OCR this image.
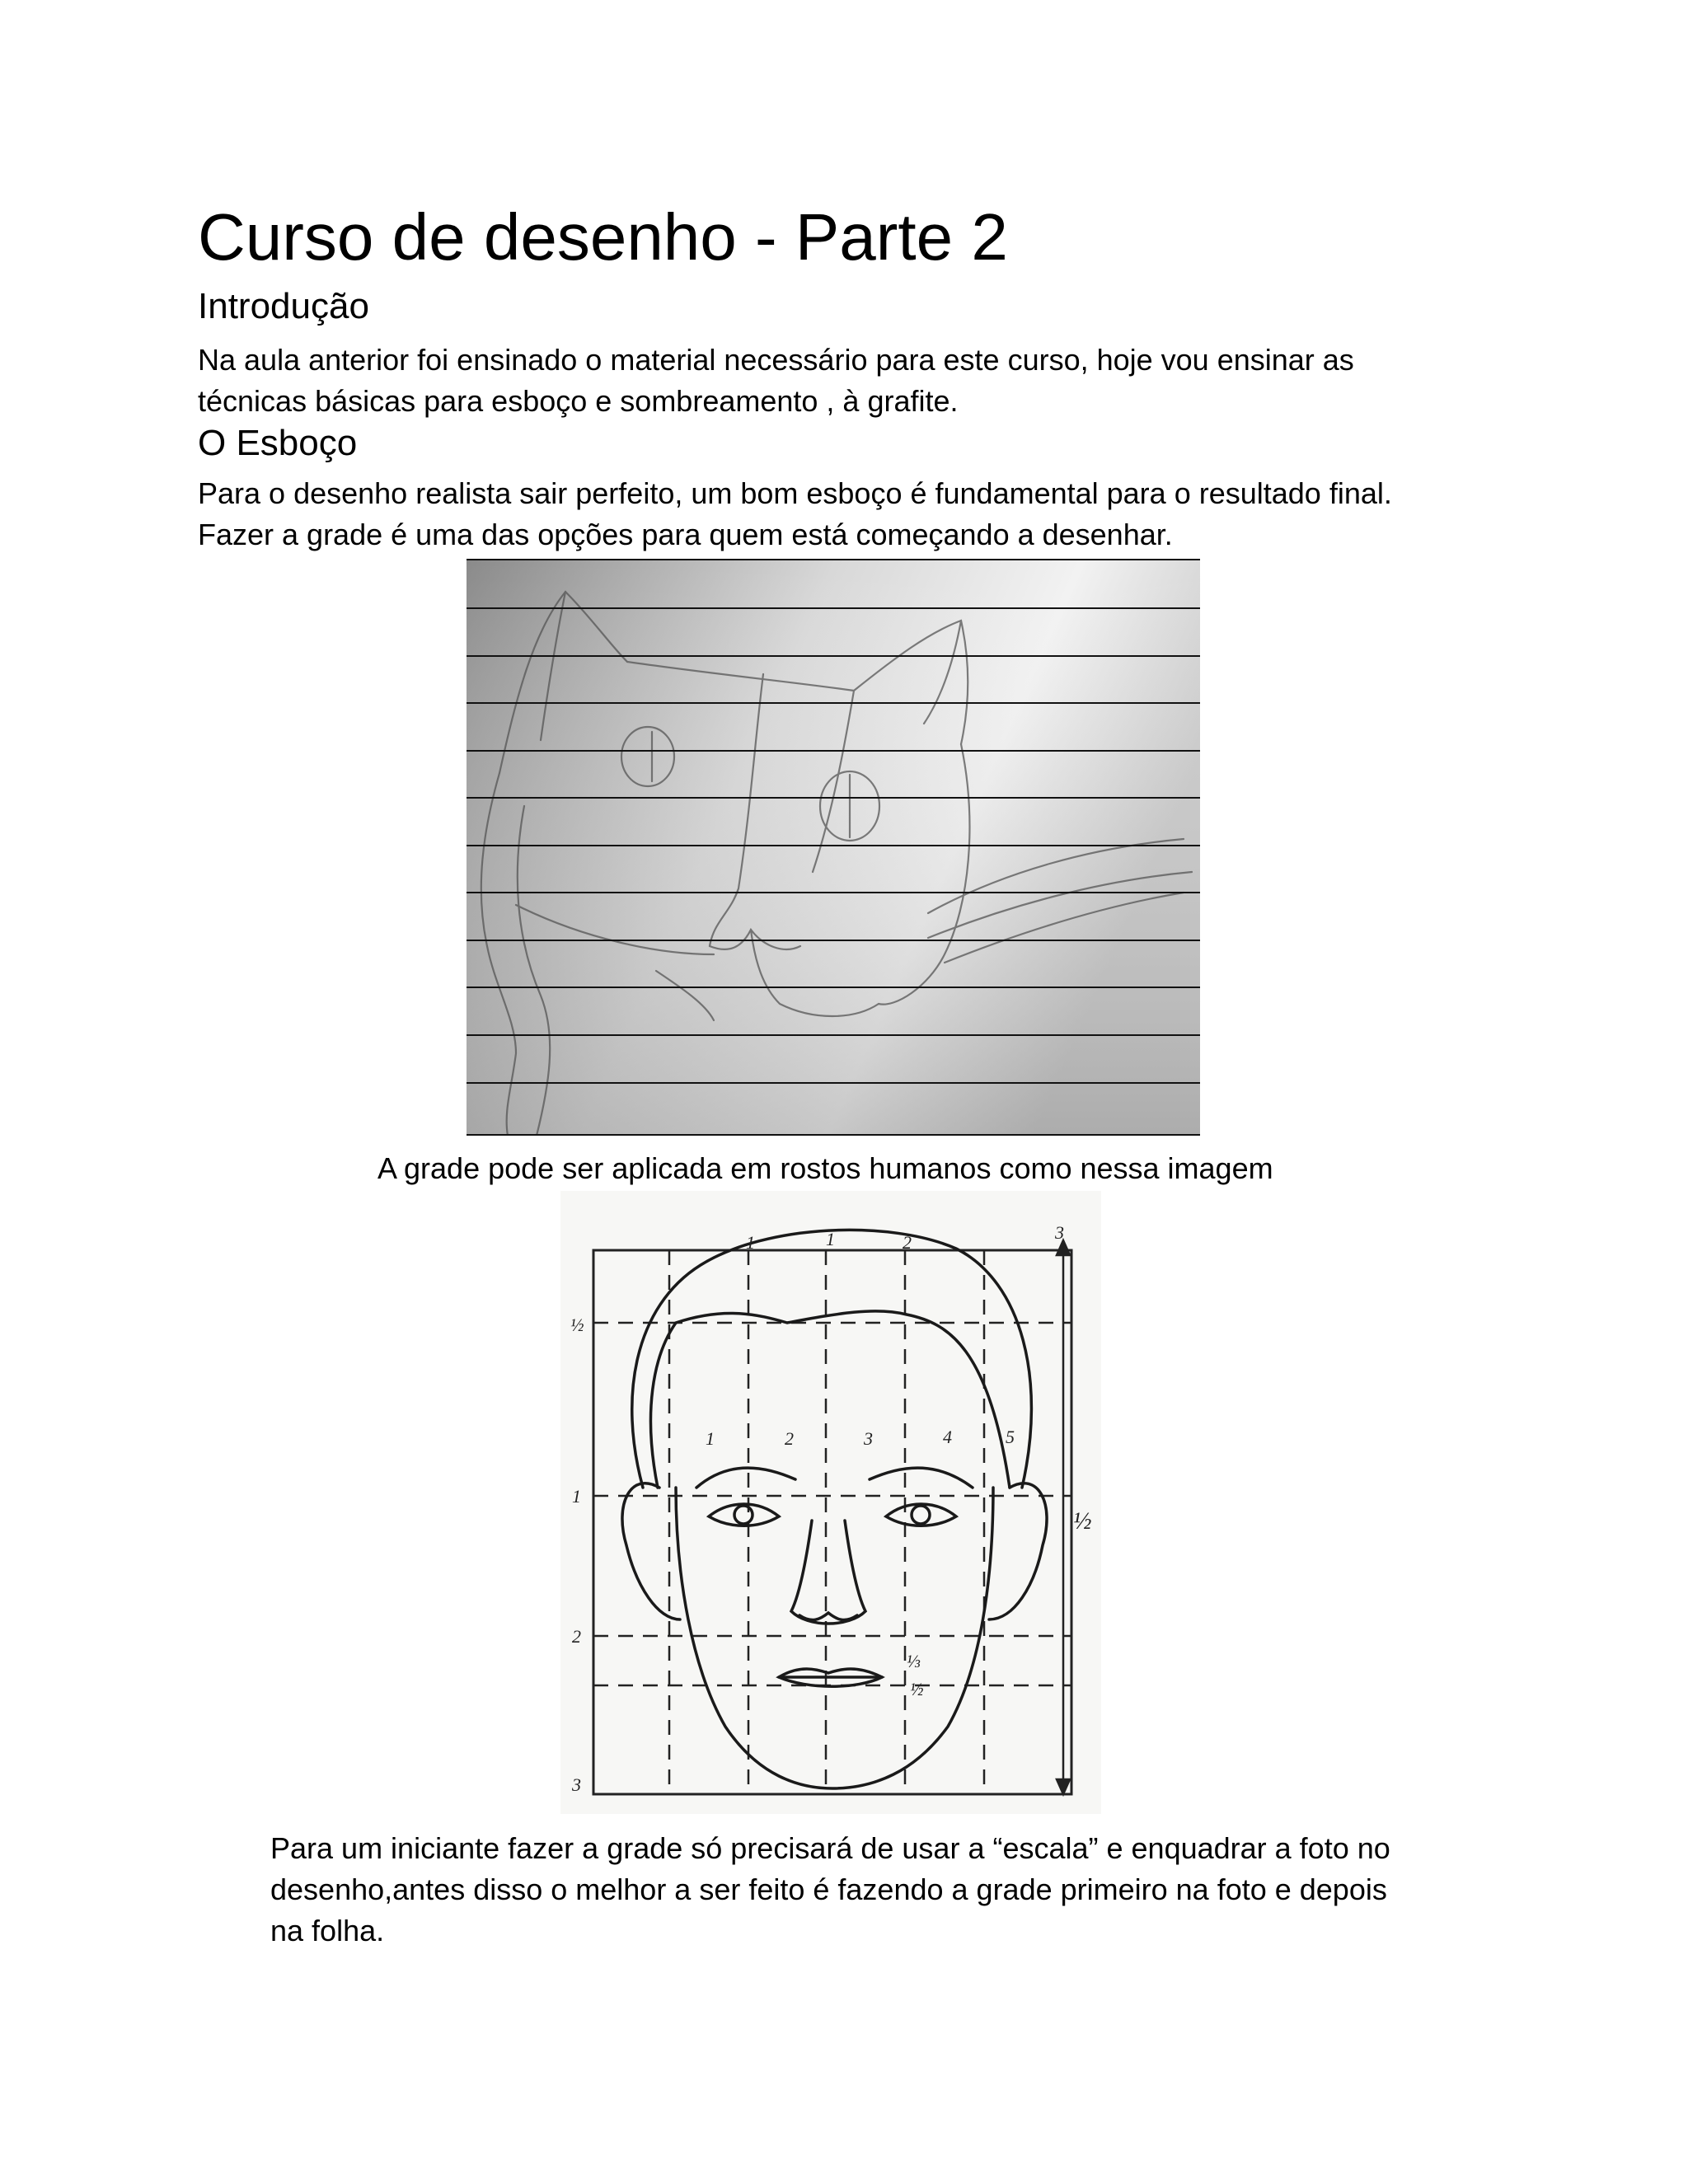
Curso de desenho - Parte 2
Introdução
Na aula anterior foi ensinado o material necessário para este curso, hoje vou ensinar as
técnicas básicas para esboço e sombreamento , à grafite.
O Esboço
Para o desenho realista sair perfeito, um bom esboço é fundamental para o resultado final.
Fazer a grade é uma das opções para quem está começando a desenhar.
A grade pode ser aplicada em rostos humanos como nessa imagem
1	1	2	3
½
1
2
3
1	2	3	4	5
½
⅓
½
Para um iniciante fazer a grade só precisará de usar a “escala” e enquadrar a foto no
desenho,antes disso o melhor a ser feito é fazendo a grade primeiro na foto e depois
na folha.
